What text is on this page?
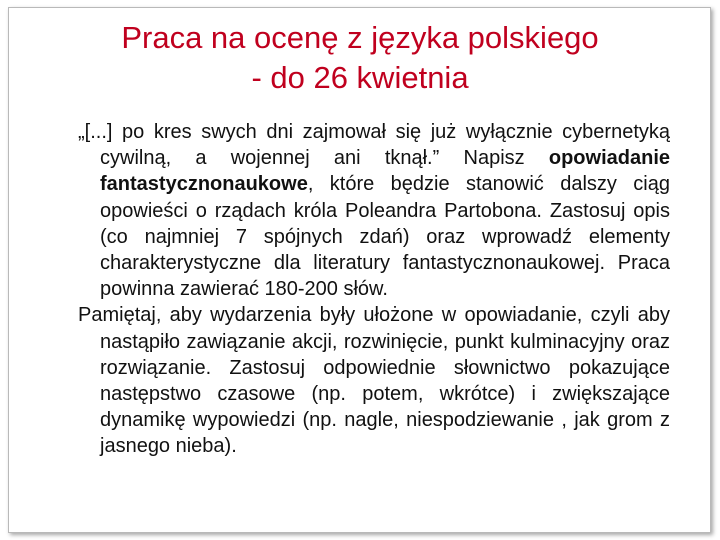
Praca na ocenę z języka polskiego
- do 26 kwietnia
„[...] po kres swych dni zajmował się już wyłącznie cybernetyką cywilną, a wojennej ani tknął.” Napisz opowiadanie fantastycznonaukowe, które będzie stanowić dalszy ciąg opowieści o rządach króla Poleandra Partobona. Zastosuj opis (co najmniej 7 spójnych zdań) oraz wprowadź elementy charakterystyczne dla literatury fantastycznonaukowej. Praca powinna zawierać 180-200 słów.
Pamiętaj, aby wydarzenia były ułożone w opowiadanie, czyli aby nastąpiło zawiązanie akcji, rozwinięcie, punkt kulminacyjny oraz rozwiązanie. Zastosuj odpowiednie słownictwo pokazujące następstwo czasowe (np. potem, wkrótce) i zwiększające dynamikę wypowiedzi (np. nagle, niespodziewanie , jak grom z jasnego nieba).
